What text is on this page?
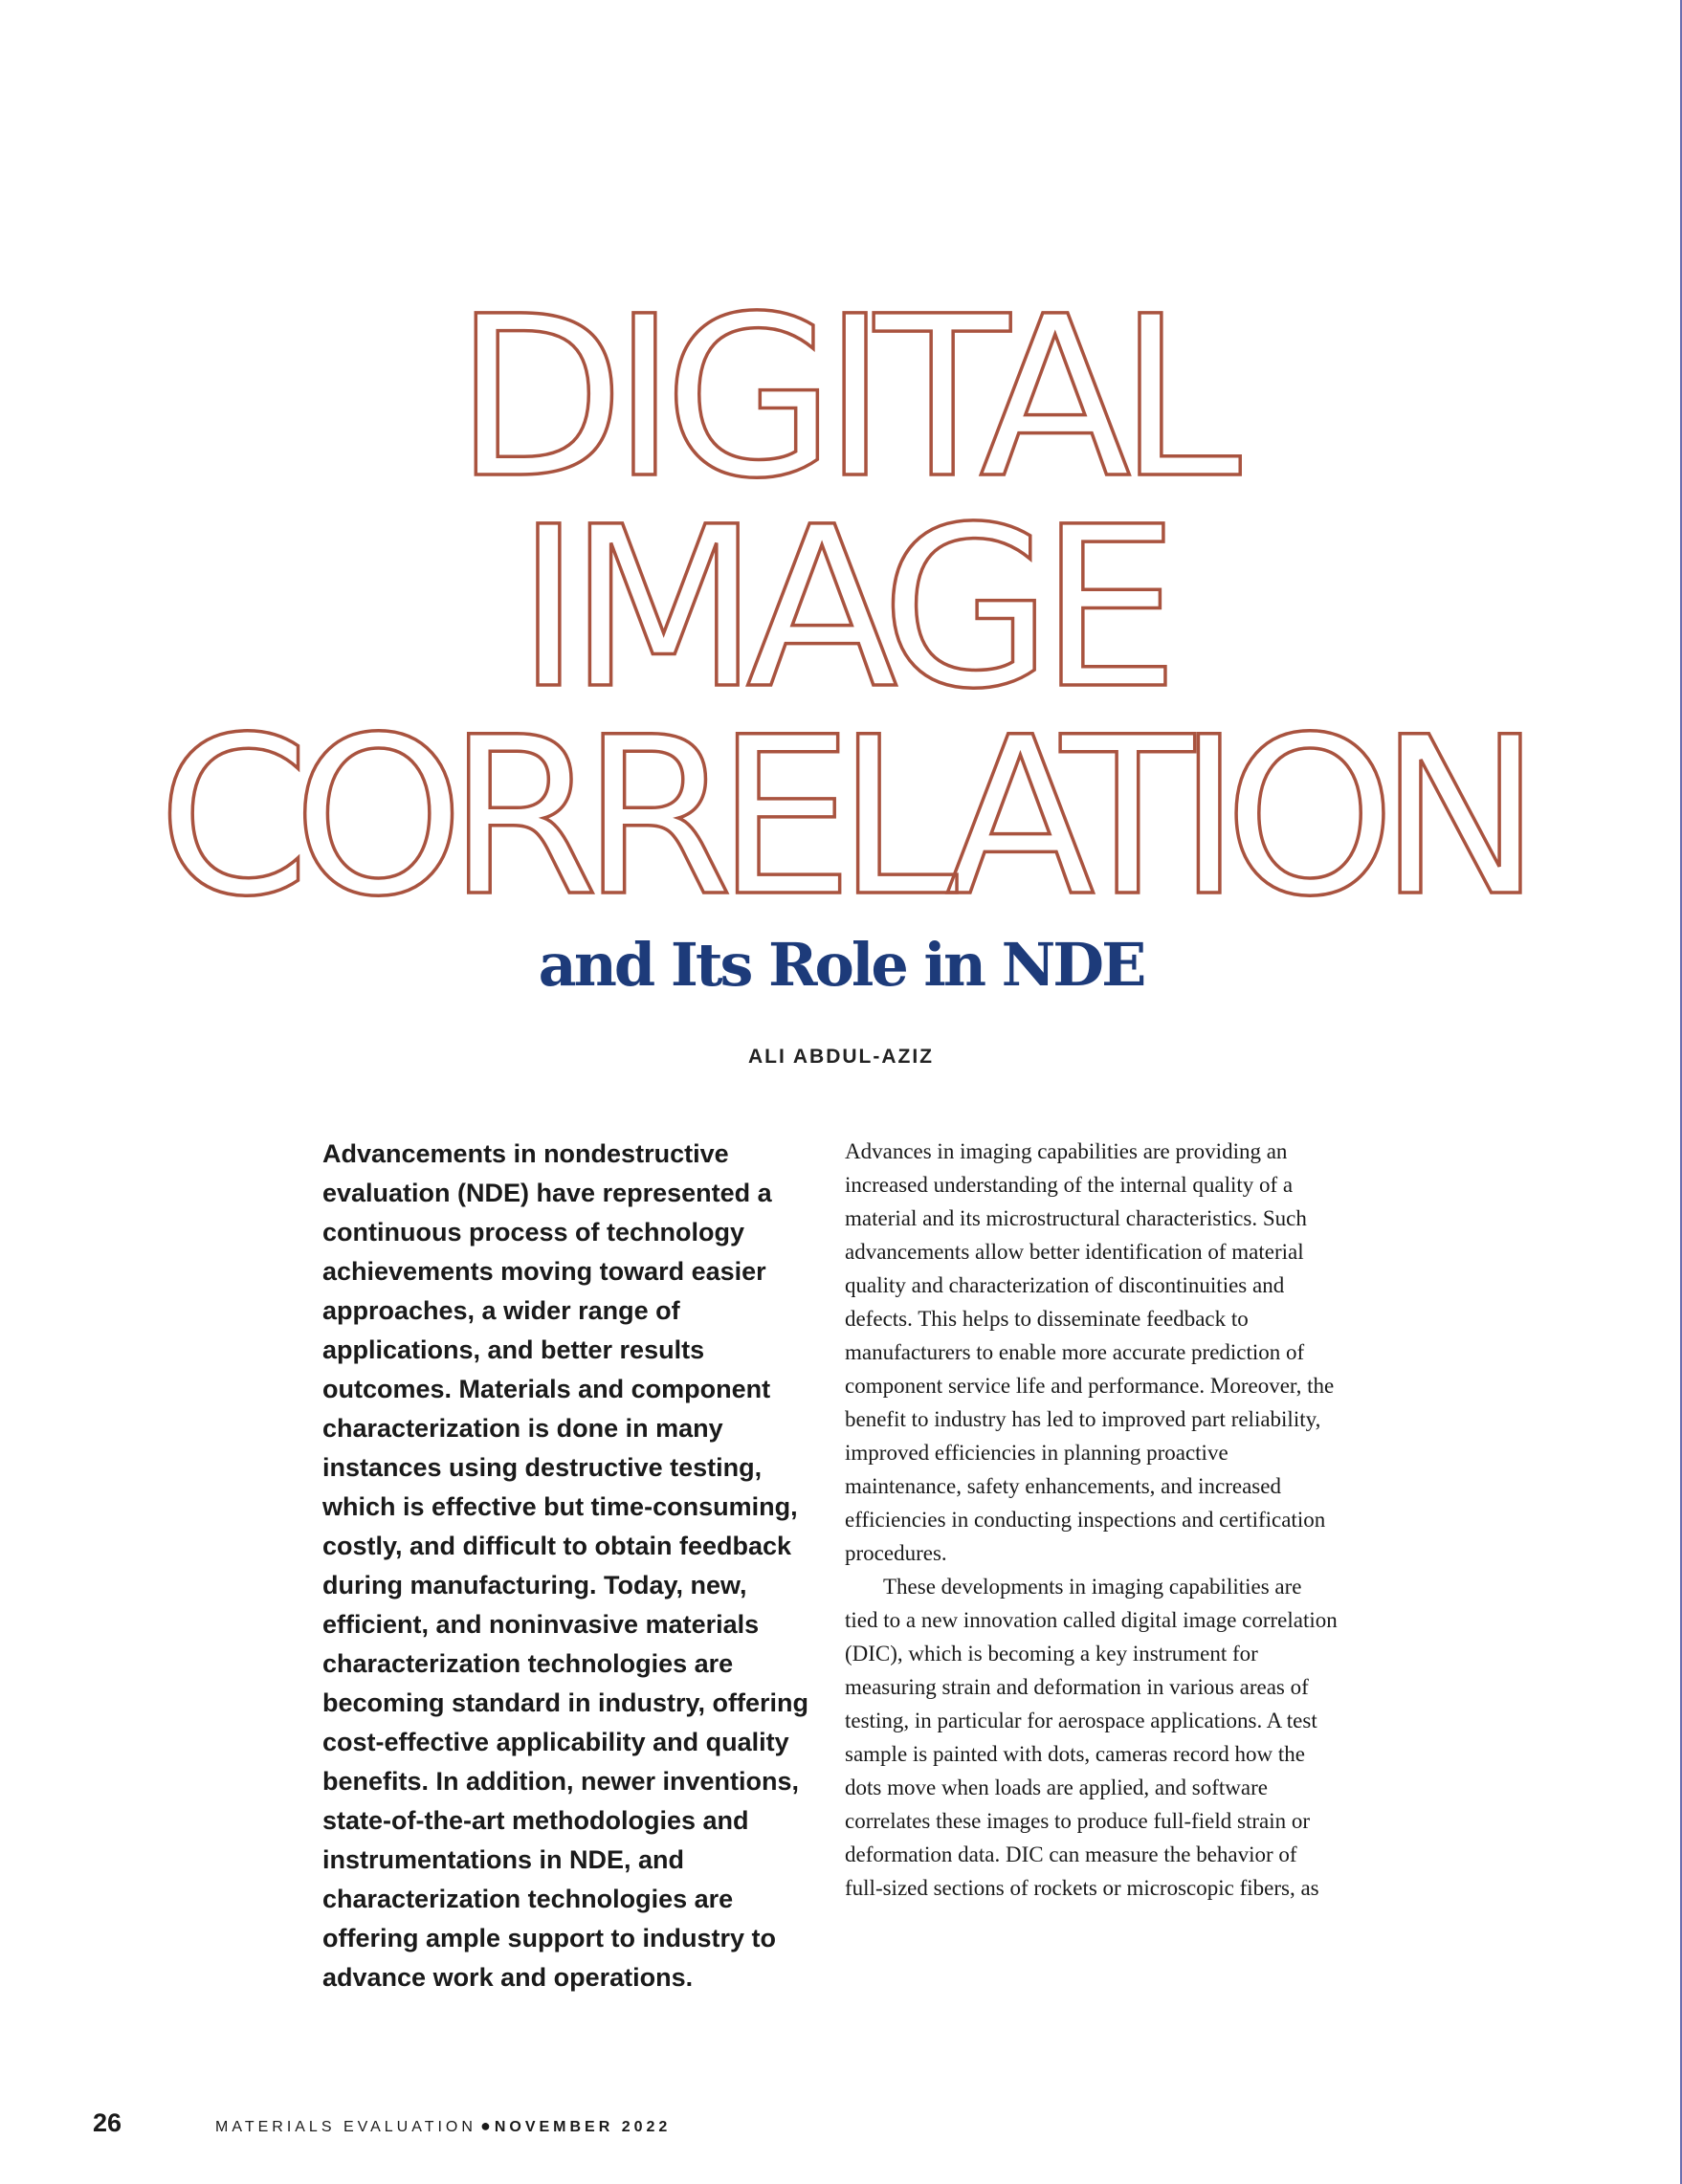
DIGITAL
IMAGE
CORRELATION
and Its Role in NDE
ALI ABDUL-AZIZ

Advancements in nondestructive evaluation (NDE) have represented a continuous process of technology achievements moving toward easier approaches, a wider range of applications, and better results outcomes. Materials and component characterization is done in many instances using destructive testing, which is effective but time-consuming, costly, and difficult to obtain feedback during manufacturing. Today, new, efficient, and noninvasive materials characterization technologies are becoming standard in industry, offering cost-effective applicability and quality benefits. In addition, newer inventions, state-of-the-art methodologies and instrumentations in NDE, and characterization technologies are offering ample support to industry to advance work and operations.

Advances in imaging capabilities are providing an increased understanding of the internal quality of a material and its microstructural characteristics. Such advancements allow better identification of material quality and characterization of discontinuities and defects. This helps to disseminate feedback to manufacturers to enable more accurate prediction of component service life and performance. Moreover, the benefit to industry has led to improved part reliability, improved efficiencies in planning proactive maintenance, safety enhancements, and increased efficiencies in conducting inspections and certification procedures.

These developments in imaging capabilities are tied to a new innovation called digital image correlation (DIC), which is becoming a key instrument for measuring strain and deformation in various areas of testing, in particular for aerospace applications. A test sample is painted with dots, cameras record how the dots move when loads are applied, and software correlates these images to produce full-field strain or deformation data. DIC can measure the behavior of full-sized sections of rockets or microscopic fibers, as

26	MATERIALS EVALUATION ● NOVEMBER 2022
